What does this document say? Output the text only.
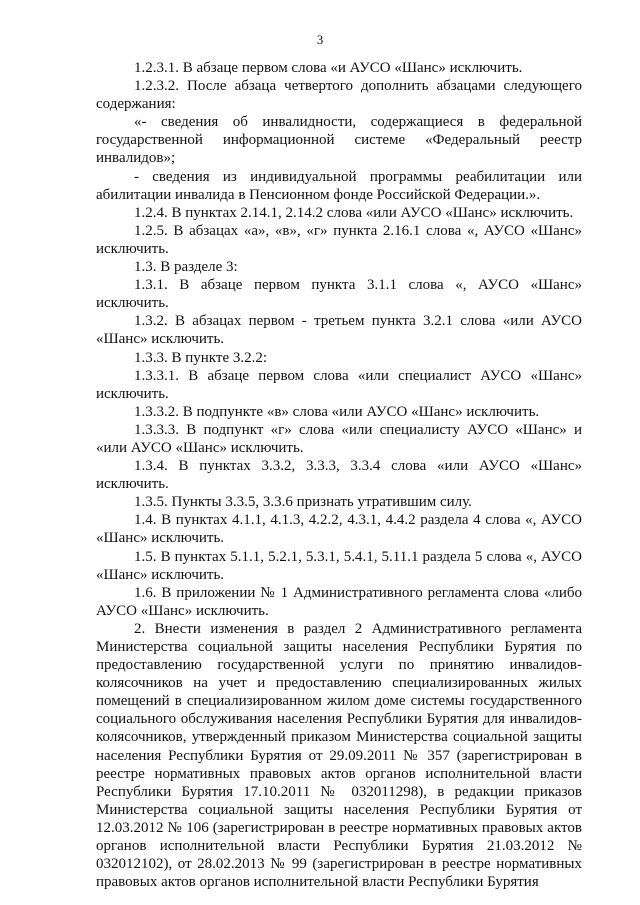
3

1.2.3.1. В абзаце первом слова «и АУСО «Шанс» исключить.

1.2.3.2. После абзаца четвертого дополнить абзацами следующего содержания:

«- сведения об инвалидности, содержащиеся в федеральной государственной информационной системе «Федеральный реестр инвалидов»;

- сведения из индивидуальной программы реабилитации или абилитации инвалида в Пенсионном фонде Российской Федерации.».

1.2.4. В пунктах 2.14.1, 2.14.2 слова «или АУСО «Шанс» исключить.

1.2.5. В абзацах «а», «в», «г» пункта 2.16.1 слова «, АУСО «Шанс» исключить.

1.3. В разделе 3:

1.3.1. В абзаце первом пункта 3.1.1 слова «, АУСО «Шанс» исключить.

1.3.2. В абзацах первом - третьем пункта 3.2.1 слова «или АУСО «Шанс» исключить.

1.3.3. В пункте 3.2.2:

1.3.3.1. В абзаце первом слова «или специалист АУСО «Шанс» исключить.

1.3.3.2. В подпункте «в» слова «или АУСО «Шанс» исключить.

1.3.3.3. В подпункт «г» слова «или специалисту АУСО «Шанс» и «или АУСО «Шанс» исключить.

1.3.4. В пунктах 3.3.2, 3.3.3, 3.3.4 слова «или АУСО «Шанс» исключить.

1.3.5. Пункты 3.3.5, 3.3.6 признать утратившим силу.

1.4. В пунктах 4.1.1, 4.1.3, 4.2.2, 4.3.1, 4.4.2 раздела 4 слова «, АУСО «Шанс» исключить.

1.5. В пунктах 5.1.1, 5.2.1, 5.3.1, 5.4.1, 5.11.1 раздела 5 слова «, АУСО «Шанс» исключить.

1.6. В приложении № 1 Административного регламента слова «либо АУСО «Шанс» исключить.

2. Внести изменения в раздел 2 Административного регламента Министерства социальной защиты населения Республики Бурятия по предоставлению государственной услуги по принятию инвалидов-колясочников на учет и предоставлению специализированных жилых помещений в специализированном жилом доме системы государственного социального обслуживания населения Республики Бурятия для инвалидов-колясочников, утвержденный приказом Министерства социальной защиты населения Республики Бурятия от 29.09.2011 № 357 (зарегистрирован в реестре нормативных правовых актов органов исполнительной власти Республики Бурятия 17.10.2011 № 032011298), в редакции приказов Министерства социальной защиты населения Республики Бурятия от 12.03.2012 № 106 (зарегистрирован в реестре нормативных правовых актов органов исполнительной власти Республики Бурятия 21.03.2012 № 032012102), от 28.02.2013 № 99 (зарегистрирован в реестре нормативных правовых актов органов исполнительной власти Республики Бурятия
